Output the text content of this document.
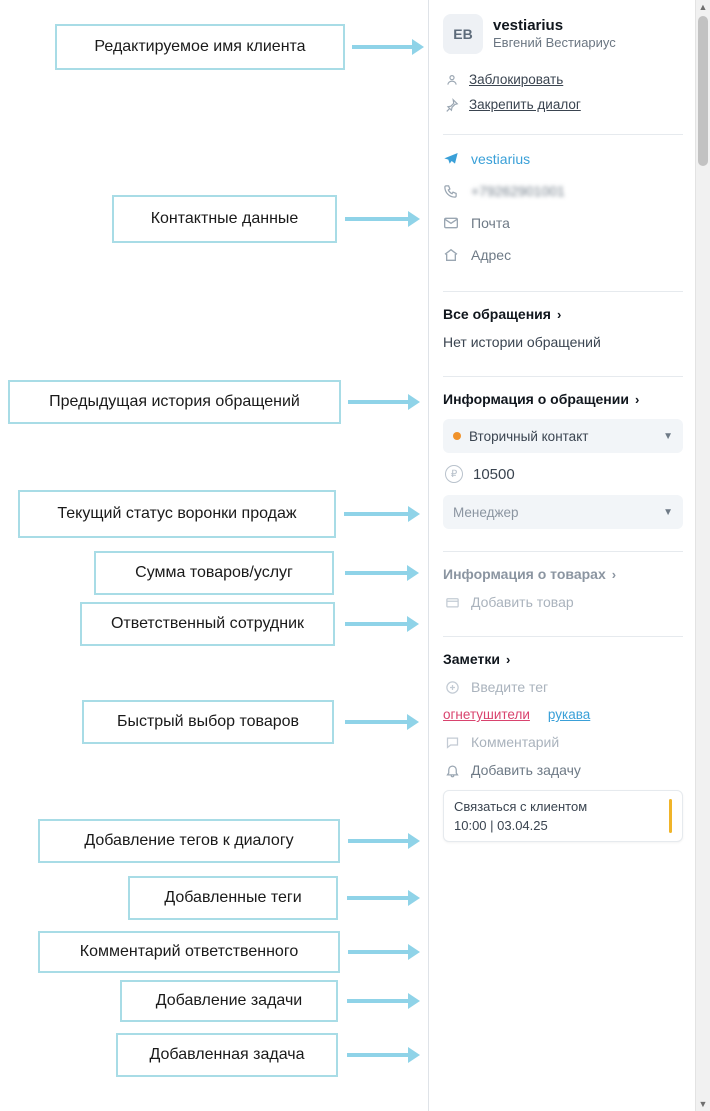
Редактируемое имя клиента
Контактные данные
Предыдущая история обращений
Текущий статус воронки продаж
Сумма товаров/услуг
Ответственный сотрудник
Быстрый выбор товаров
Добавление тегов к диалогу
Добавленные теги
Комментарий ответственного
Добавление задачи
Добавленная задача
ЕВ
vestiarius
Евгений Вестиариус
Заблокировать
Закрепить диалог
vestiarius
+79262901001
Почта
Адрес
Все обращения ›
Нет истории обращений
Информация о обращении ›
Вторичный контакт	▼
₽	10500
Менеджер	▼
Информация о товарах ›
Добавить товар
Заметки ›
Введите тег
огнетушители рукава
Комментарий
Добавить задачу
Связаться с клиентом
10:00 | 03.04.25
▲
▼
